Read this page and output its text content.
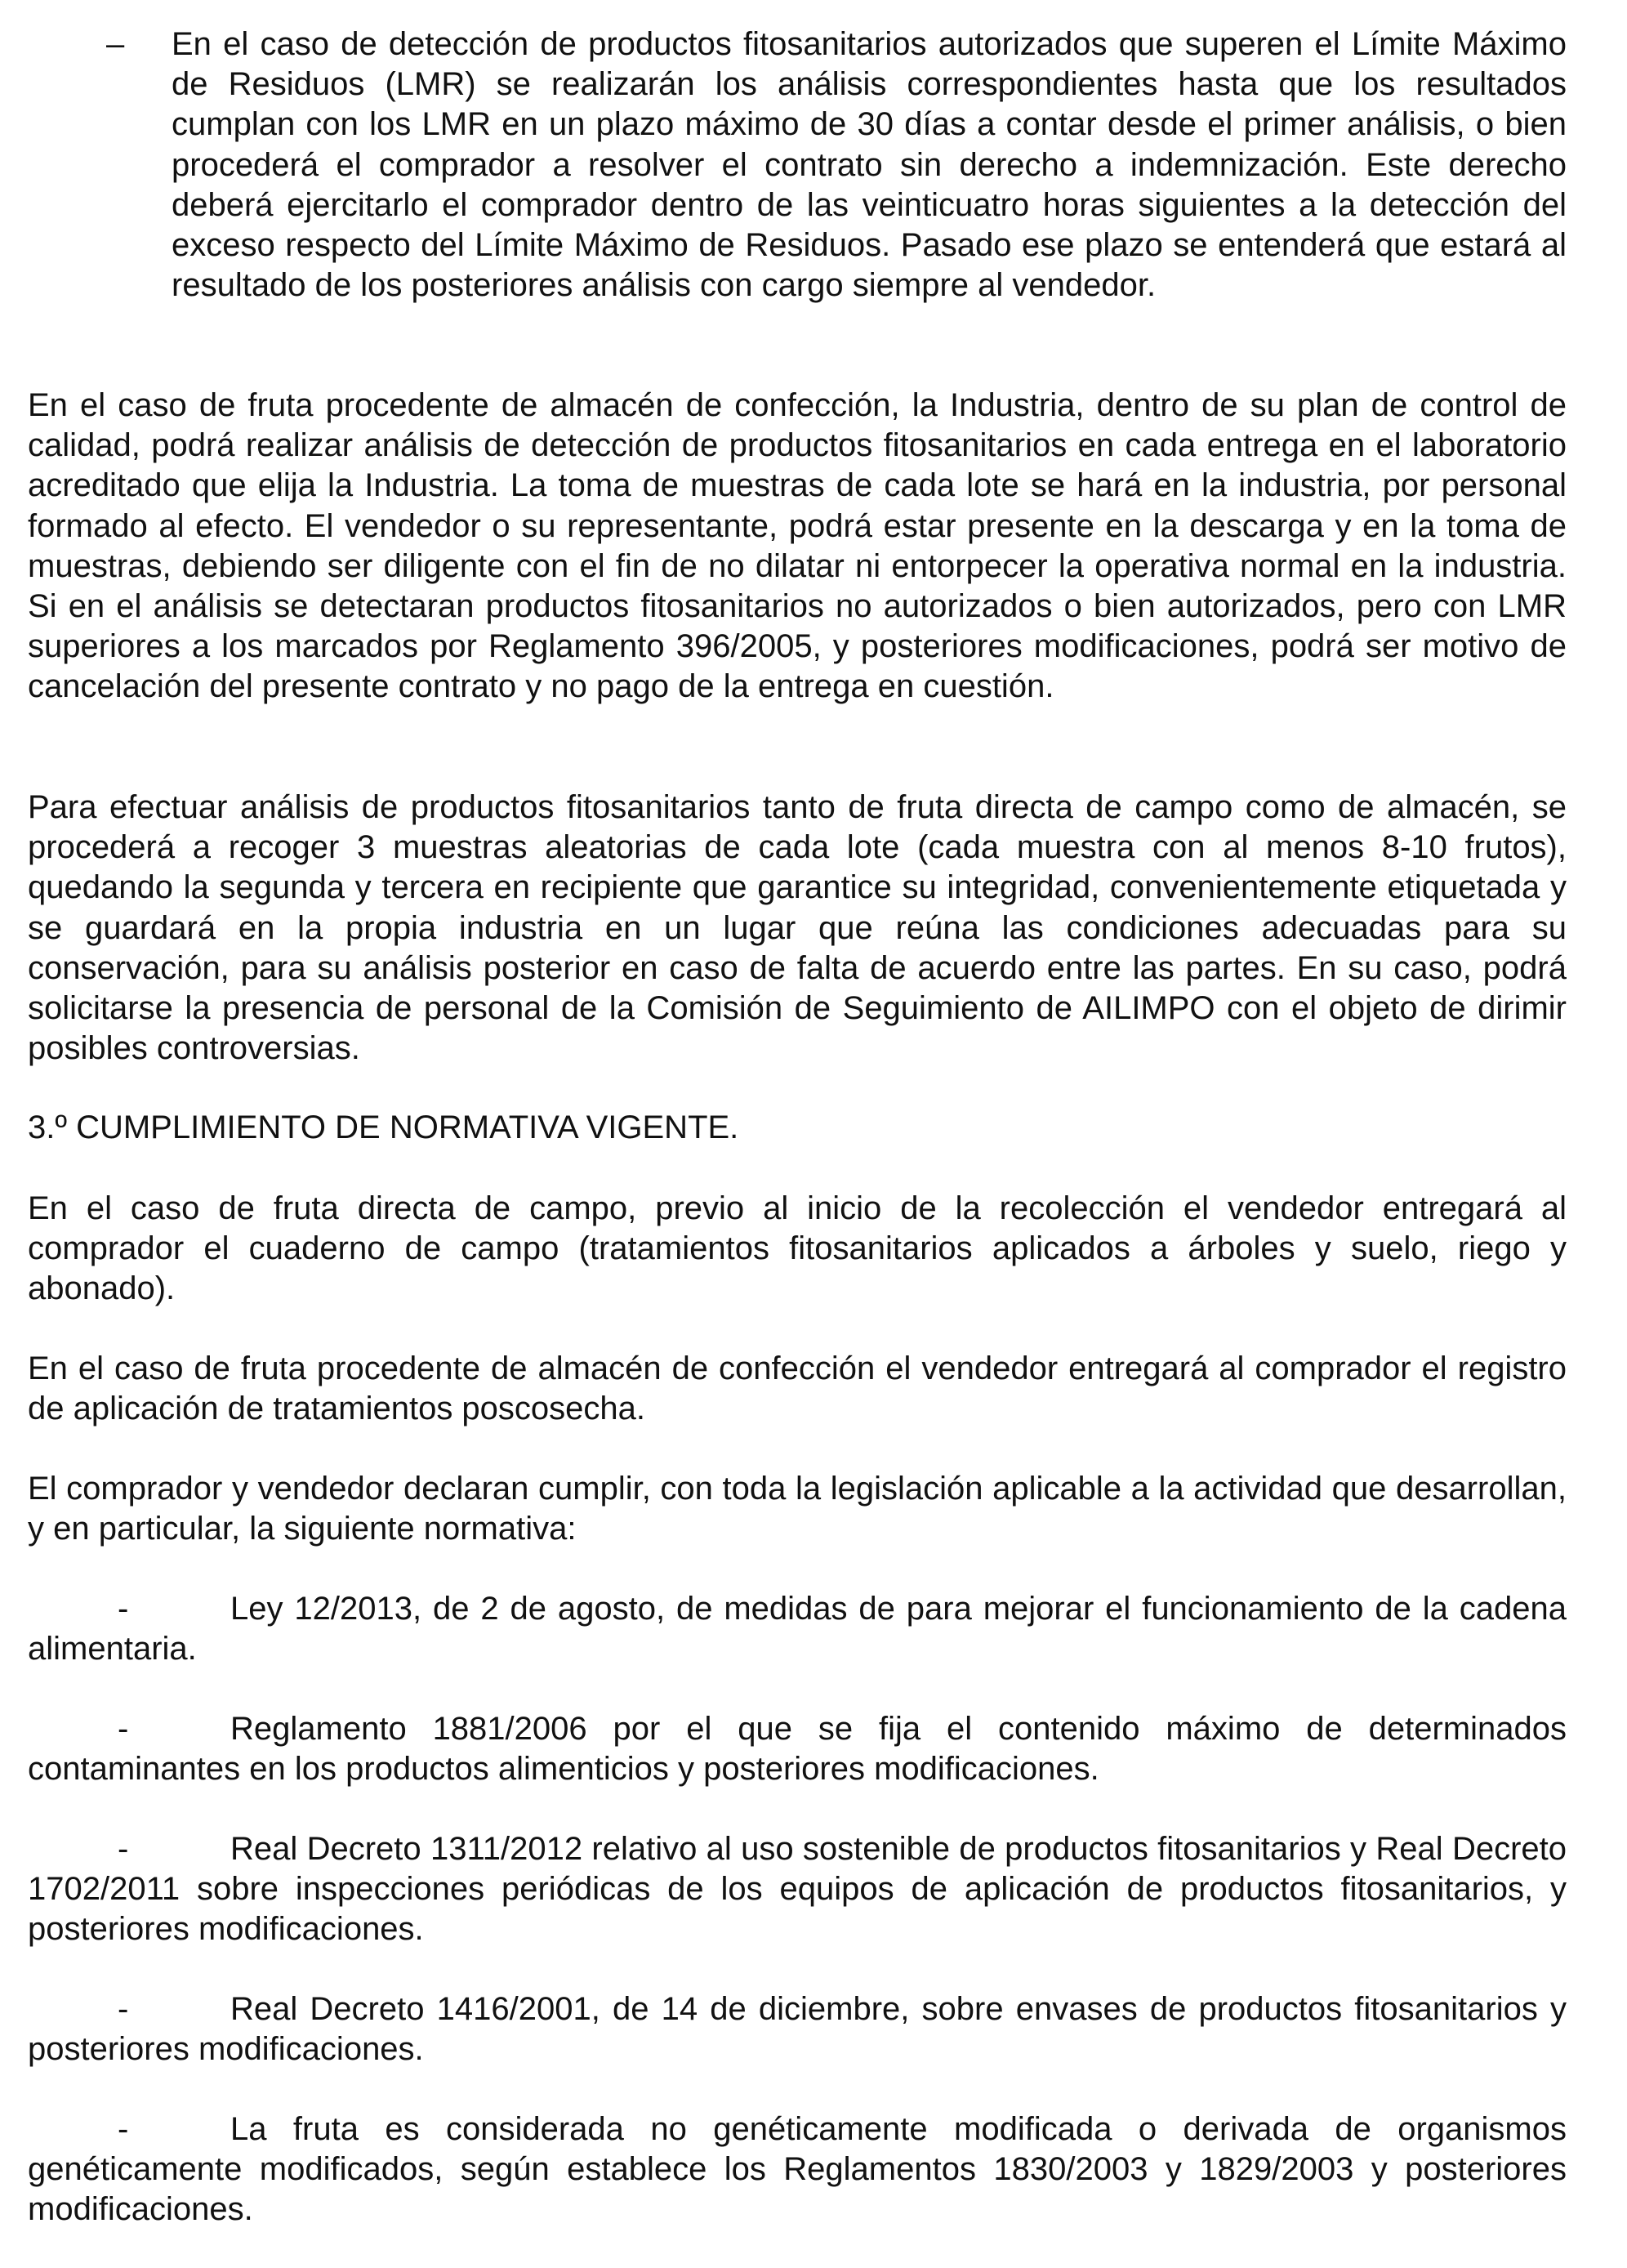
– En el caso de detección de productos fitosanitarios autorizados que superen el Límite Máximo de Residuos (LMR) se realizarán los análisis correspondientes hasta que los resultados cumplan con los LMR en un plazo máximo de 30 días a contar desde el primer análisis, o bien procederá el comprador a resolver el contrato sin derecho a indemnización. Este derecho deberá ejercitarlo el comprador dentro de las veinticuatro horas siguientes a la detección del exceso respecto del Límite Máximo de Residuos. Pasado ese plazo se entenderá que estará al resultado de los posteriores análisis con cargo siempre al vendedor.

En el caso de fruta procedente de almacén de confección, la Industria, dentro de su plan de control de calidad, podrá realizar análisis de detección de productos fitosanitarios en cada entrega en el laboratorio acreditado que elija la Industria. La toma de muestras de cada lote se hará en la industria, por personal formado al efecto. El vendedor o su representante, podrá estar presente en la descarga y en la toma de muestras, debiendo ser diligente con el fin de no dilatar ni entorpecer la operativa normal en la industria. Si en el análisis se detectaran productos fitosanitarios no autorizados o bien autorizados, pero con LMR superiores a los marcados por Reglamento 396/2005, y posteriores modificaciones, podrá ser motivo de cancelación del presente contrato y no pago de la entrega en cuestión.

Para efectuar análisis de productos fitosanitarios tanto de fruta directa de campo como de almacén, se procederá a recoger 3 muestras aleatorias de cada lote (cada muestra con al menos 8-10 frutos), quedando la segunda y tercera en recipiente que garantice su integridad, convenientemente etiquetada y se guardará en la propia industria en un lugar que reúna las condiciones adecuadas para su conservación, para su análisis posterior en caso de falta de acuerdo entre las partes. En su caso, podrá solicitarse la presencia de personal de la Comisión de Seguimiento de AILIMPO con el objeto de dirimir posibles controversias.

3.º CUMPLIMIENTO DE NORMATIVA VIGENTE.

En el caso de fruta directa de campo, previo al inicio de la recolección el vendedor entregará al comprador el cuaderno de campo (tratamientos fitosanitarios aplicados a árboles y suelo, riego y abonado).

En el caso de fruta procedente de almacén de confección el vendedor entregará al comprador el registro de aplicación de tratamientos poscosecha.

El comprador y vendedor declaran cumplir, con toda la legislación aplicable a la actividad que desarrollan, y en particular, la siguiente normativa:

-	Ley 12/2013, de 2 de agosto, de medidas de para mejorar el funcionamiento de la cadena alimentaria.

-	Reglamento 1881/2006 por el que se fija el contenido máximo de determinados contaminantes en los productos alimenticios y posteriores modificaciones.

-	Real Decreto 1311/2012 relativo al uso sostenible de productos fitosanitarios y Real Decreto 1702/2011 sobre inspecciones periódicas de los equipos de aplicación de productos fitosanitarios, y posteriores modificaciones.

-	Real Decreto 1416/2001, de 14 de diciembre, sobre envases de productos fitosanitarios y posteriores modificaciones.

-	La fruta es considerada no genéticamente modificada o derivada de organismos genéticamente modificados, según establece los Reglamentos 1830/2003 y 1829/2003 y posteriores modificaciones.
